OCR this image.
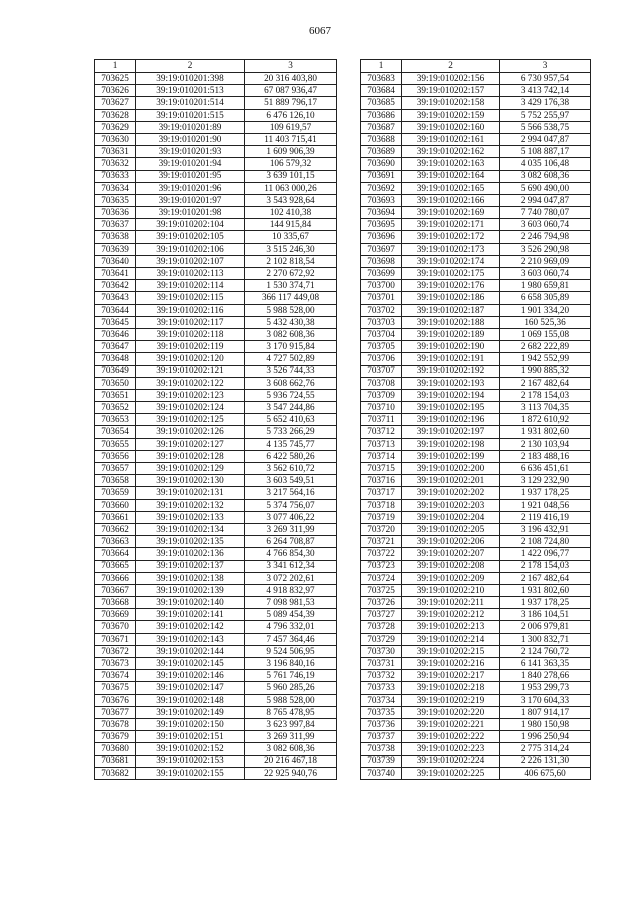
6067
1	2	3
703625	39:19:010201:398	20 316 403,80
703626	39:19:010201:513	67 087 936,47
703627	39:19:010201:514	51 889 796,17
703628	39:19:010201:515	6 476 126,10
703629	39:19:010201:89	109 619,57
703630	39:19:010201:90	11 403 715,41
703631	39:19:010201:93	1 609 906,39
703632	39:19:010201:94	106 579,32
703633	39:19:010201:95	3 639 101,15
703634	39:19:010201:96	11 063 000,26
703635	39:19:010201:97	3 543 928,64
703636	39:19:010201:98	102 410,38
703637	39:19:010202:104	144 915,84
703638	39:19:010202:105	10 335,67
703639	39:19:010202:106	3 515 246,30
703640	39:19:010202:107	2 102 818,54
703641	39:19:010202:113	2 270 672,92
703642	39:19:010202:114	1 530 374,71
703643	39:19:010202:115	366 117 449,08
703644	39:19:010202:116	5 988 528,00
703645	39:19:010202:117	5 432 430,38
703646	39:19:010202:118	3 082 608,36
703647	39:19:010202:119	3 170 915,84
703648	39:19:010202:120	4 727 502,89
703649	39:19:010202:121	3 526 744,33
703650	39:19:010202:122	3 608 662,76
703651	39:19:010202:123	5 936 724,55
703652	39:19:010202:124	3 547 244,86
703653	39:19:010202:125	5 652 410,63
703654	39:19:010202:126	5 733 266,29
703655	39:19:010202:127	4 135 745,77
703656	39:19:010202:128	6 422 580,26
703657	39:19:010202:129	3 562 610,72
703658	39:19:010202:130	3 603 549,51
703659	39:19:010202:131	3 217 564,16
703660	39:19:010202:132	5 374 756,07
703661	39:19:010202:133	3 077 406,22
703662	39:19:010202:134	3 269 311,99
703663	39:19:010202:135	6 264 708,87
703664	39:19:010202:136	4 766 854,30
703665	39:19:010202:137	3 341 612,34
703666	39:19:010202:138	3 072 202,61
703667	39:19:010202:139	4 918 832,97
703668	39:19:010202:140	7 098 981,53
703669	39:19:010202:141	5 089 454,39
703670	39:19:010202:142	4 796 332,01
703671	39:19:010202:143	7 457 364,46
703672	39:19:010202:144	9 524 506,95
703673	39:19:010202:145	3 196 840,16
703674	39:19:010202:146	5 761 746,19
703675	39:19:010202:147	5 960 285,26
703676	39:19:010202:148	5 988 528,00
703677	39:19:010202:149	8 765 478,95
703678	39:19:010202:150	3 623 997,84
703679	39:19:010202:151	3 269 311,99
703680	39:19:010202:152	3 082 608,36
703681	39:19:010202:153	20 216 467,18
703682	39:19:010202:155	22 925 940,76
1	2	3
703683	39:19:010202:156	6 730 957,54
703684	39:19:010202:157	3 413 742,14
703685	39:19:010202:158	3 429 176,38
703686	39:19:010202:159	5 752 255,97
703687	39:19:010202:160	5 566 538,75
703688	39:19:010202:161	2 994 047,87
703689	39:19:010202:162	5 108 887,17
703690	39:19:010202:163	4 035 106,48
703691	39:19:010202:164	3 082 608,36
703692	39:19:010202:165	5 690 490,00
703693	39:19:010202:166	2 994 047,87
703694	39:19:010202:169	7 740 780,07
703695	39:19:010202:171	3 603 060,74
703696	39:19:010202:172	2 246 794,98
703697	39:19:010202:173	3 526 290,98
703698	39:19:010202:174	2 210 969,09
703699	39:19:010202:175	3 603 060,74
703700	39:19:010202:176	1 980 659,81
703701	39:19:010202:186	6 658 305,89
703702	39:19:010202:187	1 901 334,20
703703	39:19:010202:188	160 525,36
703704	39:19:010202:189	1 069 155,08
703705	39:19:010202:190	2 682 222,89
703706	39:19:010202:191	1 942 552,99
703707	39:19:010202:192	1 990 885,32
703708	39:19:010202:193	2 167 482,64
703709	39:19:010202:194	2 178 154,03
703710	39:19:010202:195	3 113 704,35
703711	39:19:010202:196	1 872 610,92
703712	39:19:010202:197	1 931 802,60
703713	39:19:010202:198	2 130 103,94
703714	39:19:010202:199	2 183 488,16
703715	39:19:010202:200	6 636 451,61
703716	39:19:010202:201	3 129 232,90
703717	39:19:010202:202	1 937 178,25
703718	39:19:010202:203	1 921 048,56
703719	39:19:010202:204	2 119 416,19
703720	39:19:010202:205	3 196 432,91
703721	39:19:010202:206	2 108 724,80
703722	39:19:010202:207	1 422 096,77
703723	39:19:010202:208	2 178 154,03
703724	39:19:010202:209	2 167 482,64
703725	39:19:010202:210	1 931 802,60
703726	39:19:010202:211	1 937 178,25
703727	39:19:010202:212	3 186 104,51
703728	39:19:010202:213	2 006 979,81
703729	39:19:010202:214	1 300 832,71
703730	39:19:010202:215	2 124 760,72
703731	39:19:010202:216	6 141 363,35
703732	39:19:010202:217	1 840 278,66
703733	39:19:010202:218	1 953 299,73
703734	39:19:010202:219	3 170 604,33
703735	39:19:010202:220	1 807 914,17
703736	39:19:010202:221	1 980 150,98
703737	39:19:010202:222	1 996 250,94
703738	39:19:010202:223	2 775 314,24
703739	39:19:010202:224	2 226 131,30
703740	39:19:010202:225	406 675,60
